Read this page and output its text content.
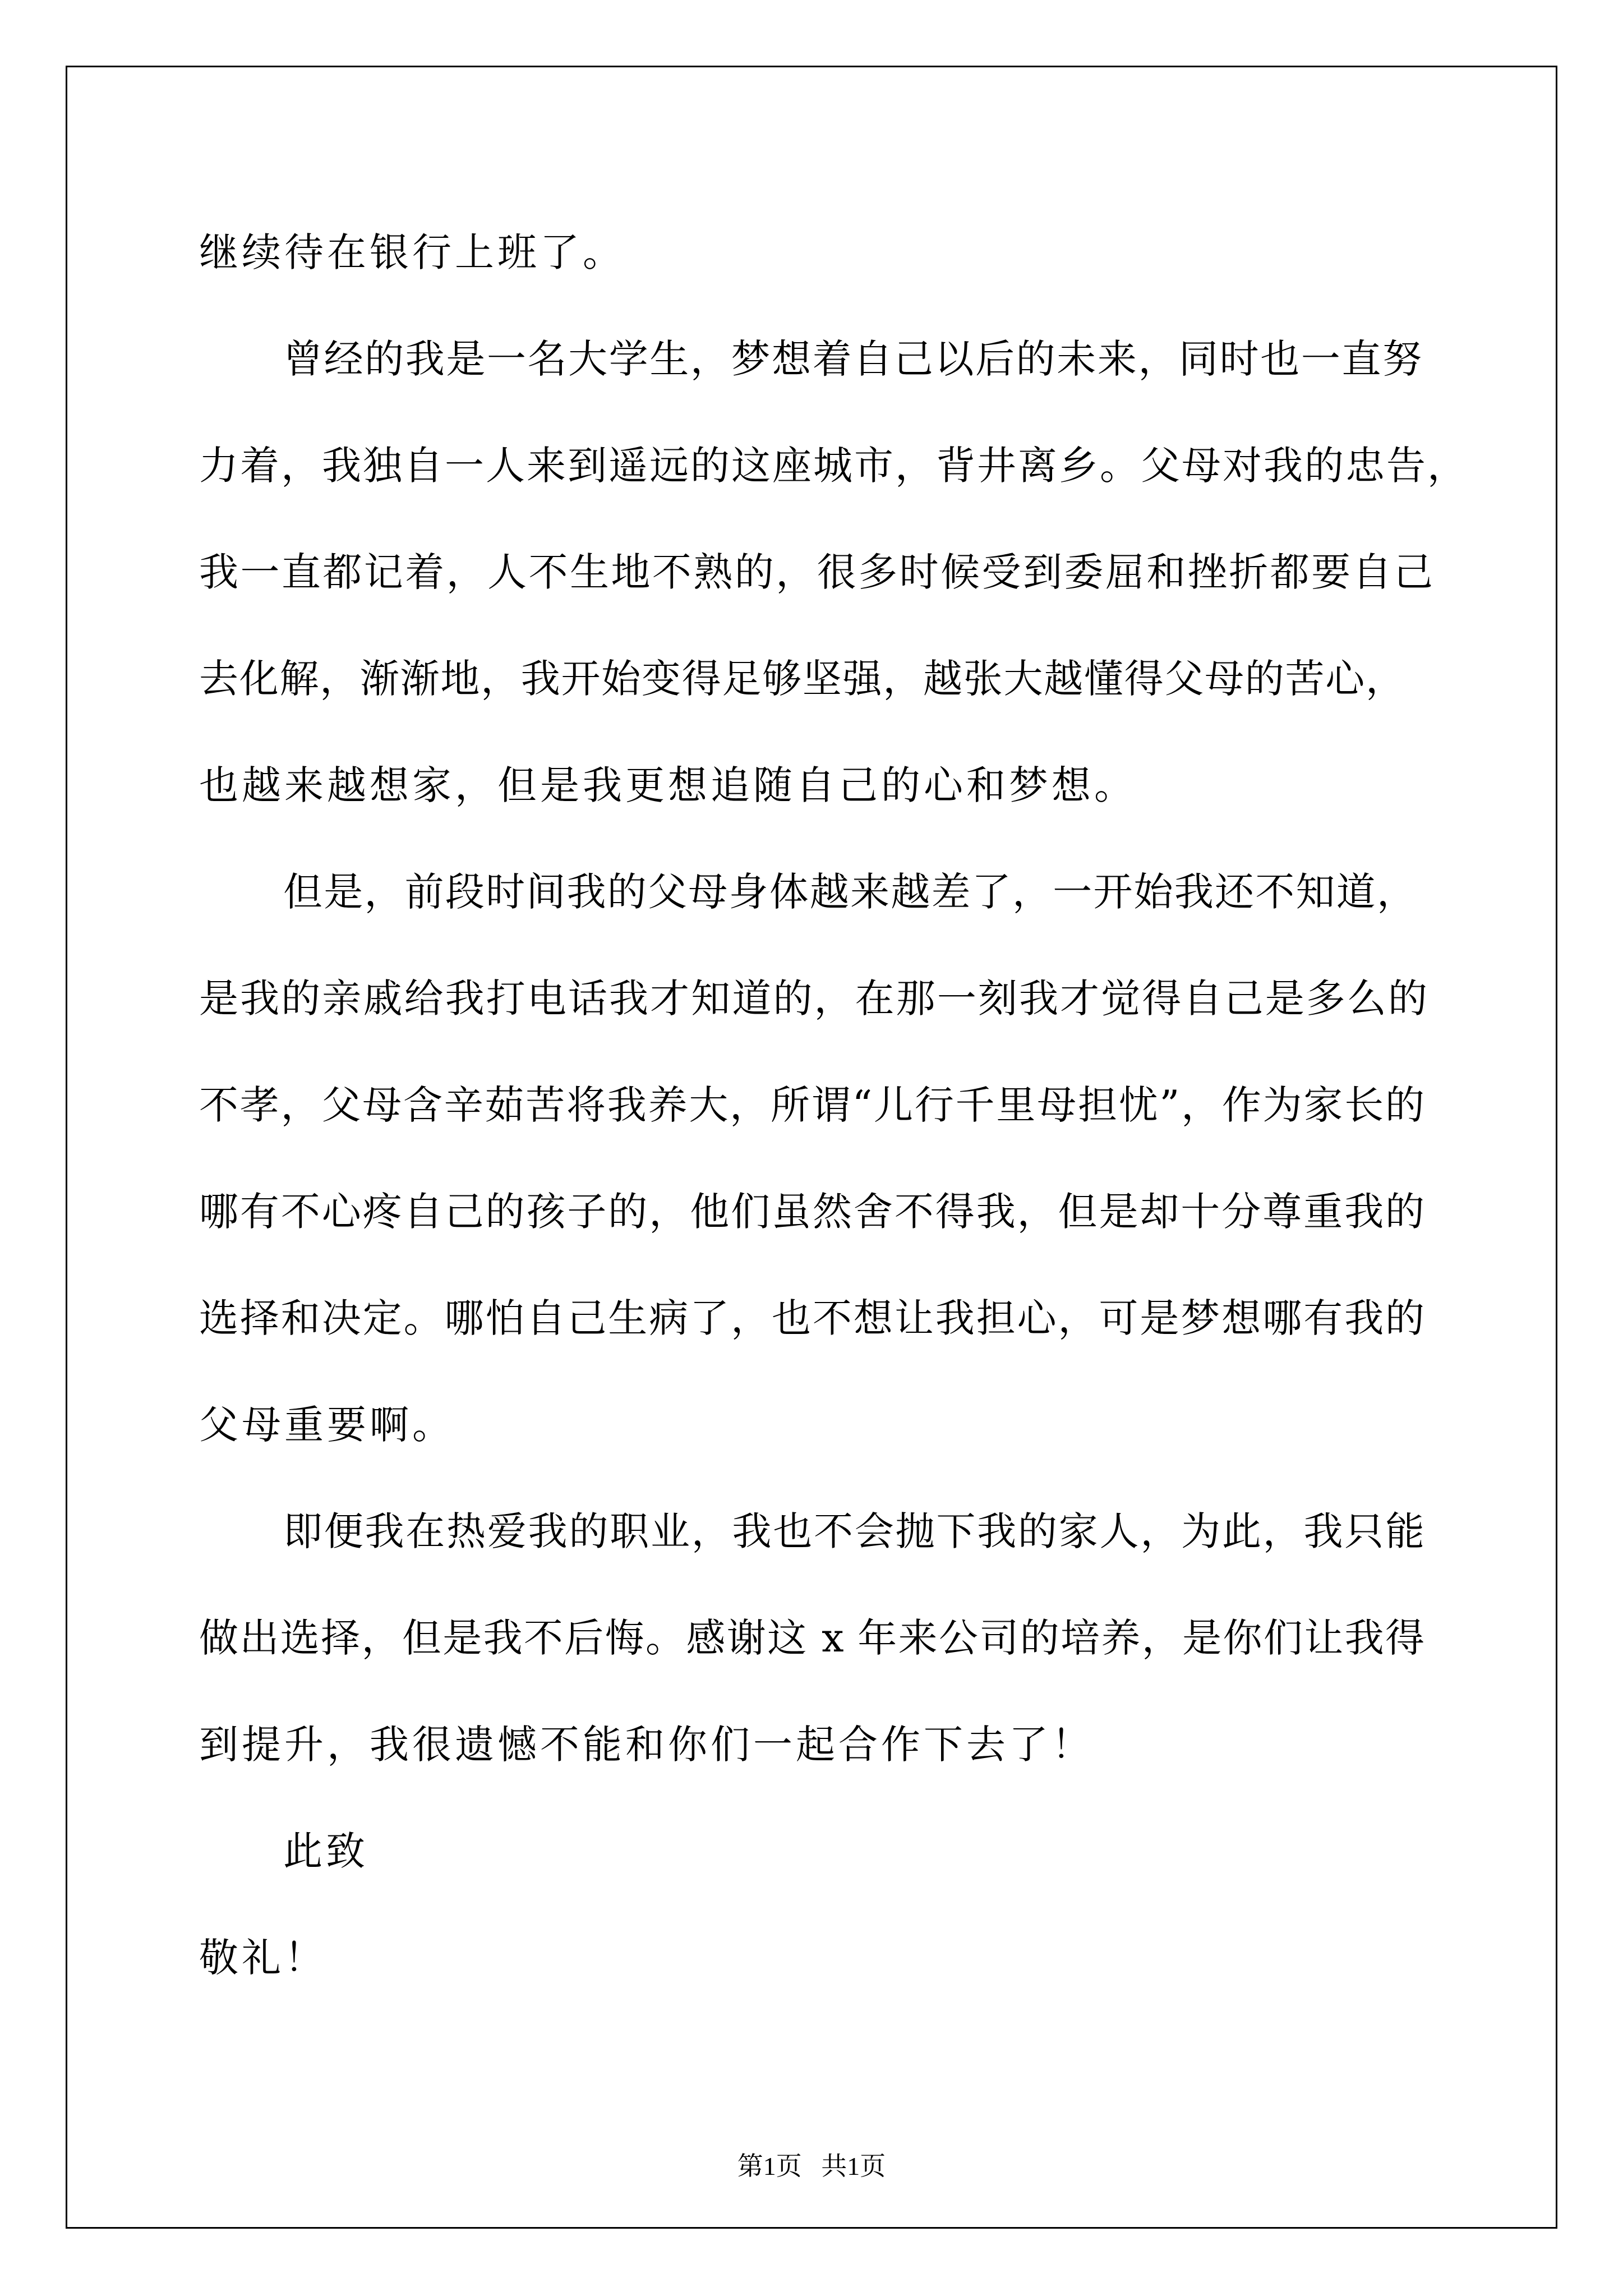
继续待在银行上班了。
曾经的我是一名大学生，梦想着自己以后的未来，同时也一直努
力着，我独自一人来到遥远的这座城市，背井离乡。父母对我的忠告，
我一直都记着，人不生地不熟的，很多时候受到委屈和挫折都要自己
去化解，渐渐地，我开始变得足够坚强，越张大越懂得父母的苦心，
也越来越想家，但是我更想追随自己的心和梦想。
但是，前段时间我的父母身体越来越差了，一开始我还不知道，
是我的亲戚给我打电话我才知道的，在那一刻我才觉得自己是多么的
不孝，父母含辛茹苦将我养大，所谓“儿行千里母担忧”，作为家长的
哪有不心疼自己的孩子的，他们虽然舍不得我，但是却十分尊重我的
选择和决定。哪怕自己生病了，也不想让我担心，可是梦想哪有我的
父母重要啊。
即便我在热爱我的职业，我也不会抛下我的家人，为此，我只能
做出选择，但是我不后悔。感谢这 x 年来公司的培养，是你们让我得
到提升，我很遗憾不能和你们一起合作下去了！
此致
敬礼！
第1页   共1页
